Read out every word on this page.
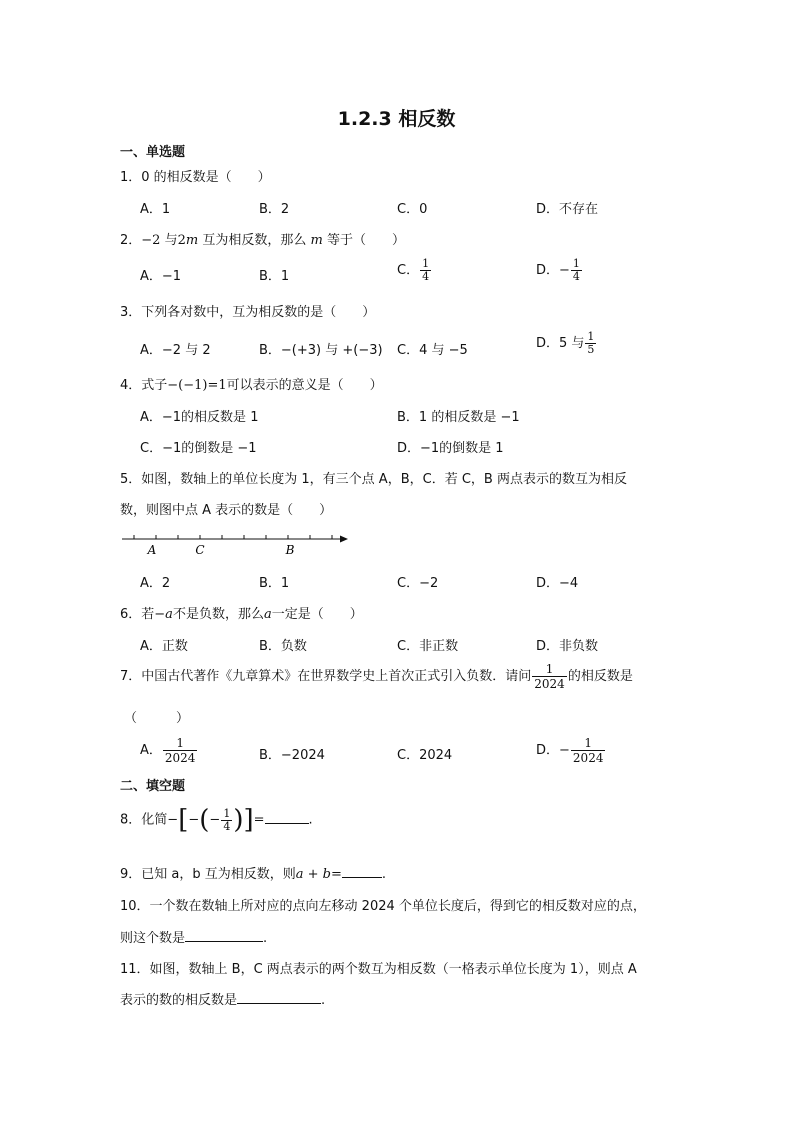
1.2.3 相反数
一、单选题
1．0 的相反数是（　　）
A．1	B．2	C．0	D．不存在
2．−2 与2m 互为相反数，那么 m 等于（　　）
A．−1	B．1	C． $\frac{1}{4}$	D．− $\frac{1}{4}$
3．下列各对数中，互为相反数的是（　　）
A．−2 与 2	B．−(+3) 与 +(−3) C．4 与 −5	D．5 与 $\frac{1}{5}$
4．式子−(−1)=1可以表示的意义是（　　）
A．−1的相反数是 1	B．1 的相反数是 −1
C．−1的倒数是 −1	D．−1的倒数是 1
5．如图，数轴上的单位长度为 1，有三个点 A，B，C．若 C，B 两点表示的数互为相反
数，则图中点 A 表示的数是（　　）
A	C	B
A．2	B．1	C．−2	D．−4
6．若−a不是负数，那么a一定是（　　）
A．正数	B．负数	C．非正数	D．非负数
7．中国古代著作《九章算术》在世界数学史上首次正式引入负数．请问 $\frac{1}{2024}$ 的相反数是
（　　　）
A． $\frac{1}{2024}$	B．−2024	C．2024	D．− $\frac{1}{2024}$
二、填空题
8．化简−[−(− $\frac{1}{4}$ )]=	.
9．已知 a，b 互为相反数，则a + b=	.
10．一个数在数轴上所对应的点向左移动 2024 个单位长度后，得到它的相反数对应的点，
则这个数是	.
11．如图，数轴上 B，C 两点表示的两个数互为相反数（一格表示单位长度为 1），则点 A
表示的数的相反数是	.
